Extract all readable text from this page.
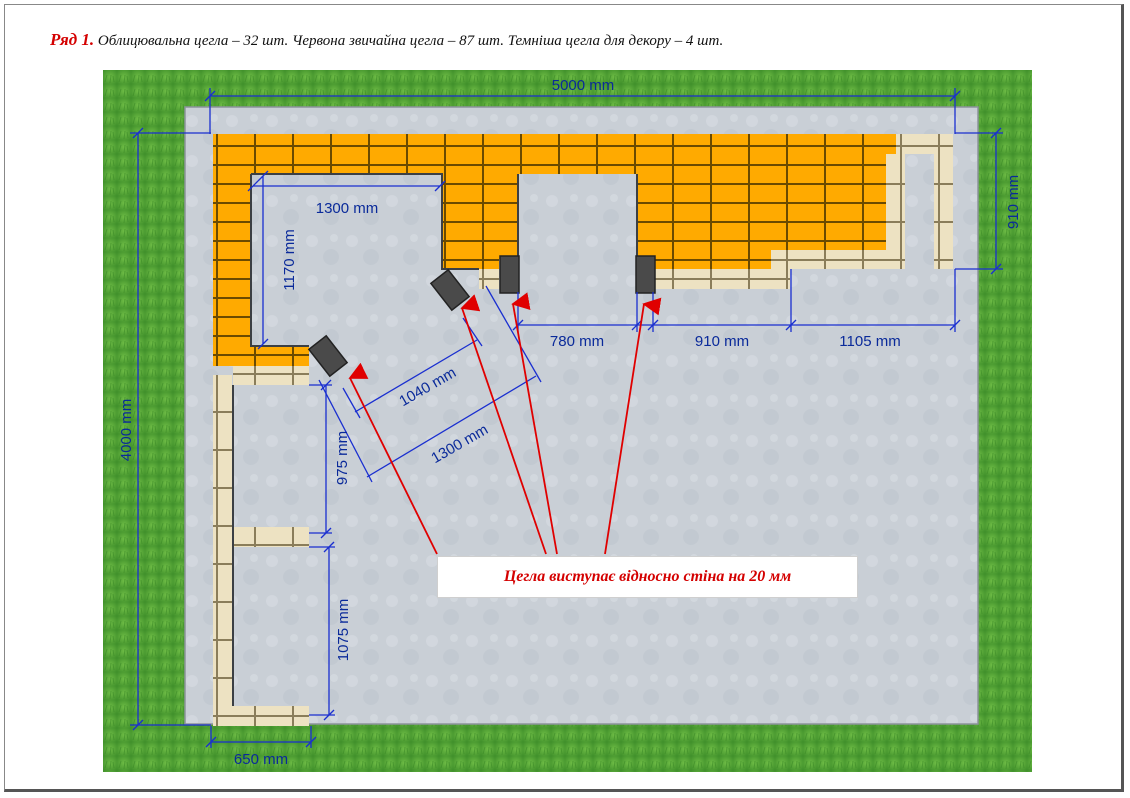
Ряд 1. Облицювальна цегла – 32 шт. Червона звичайна цегла – 87 шт. Темніша цегла для декору – 4 шт.
5000 mm
4000 mm
910 mm
1300 mm
1170 mm
780 mm	910 mm	1105 mm
1040 mm
1300 mm
975 mm
1075 mm
650 mm
Цегла виступає відносно стіна на 20 мм
